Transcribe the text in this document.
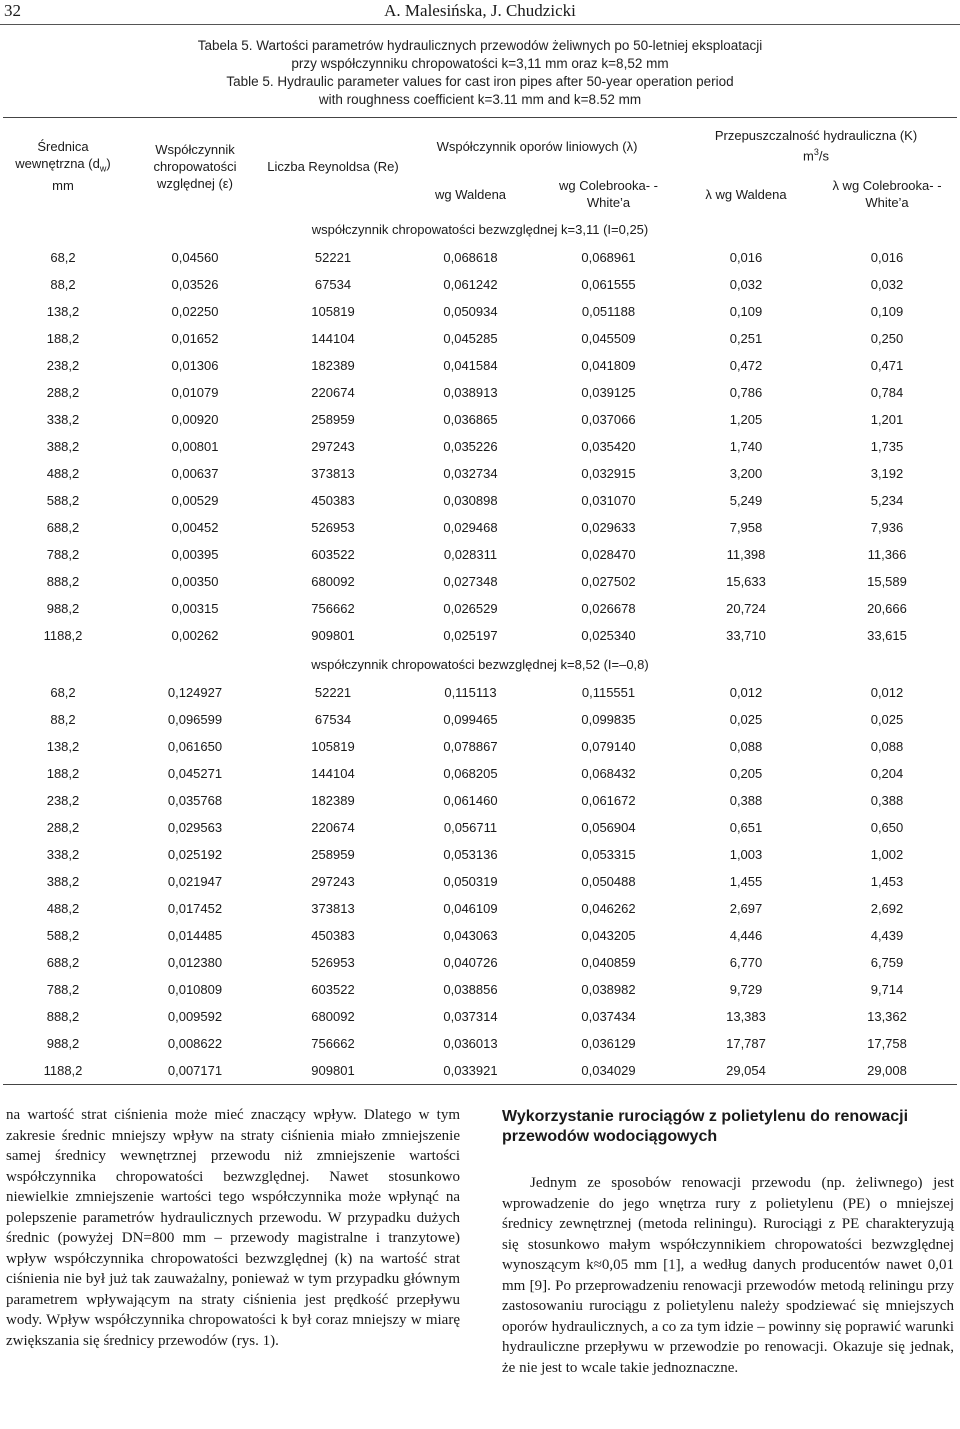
32	A. Malesińska, J. Chudzicki
Tabela 5. Wartości parametrów hydraulicznych przewodów żeliwnych po 50-letniej eksploatacji
przy współczynniku chropowatości k=3,11 mm oraz k=8,52 mm
Table 5. Hydraulic parameter values for cast iron pipes after 50-year operation period
with roughness coefficient k=3.11 mm and k=8.52 mm
Średnica wewnętrzna $(d_w)$ mm	Współczynnik chropowatości względnej (ε)	Liczba Reynoldsa (Re)	Współczynnik oporów liniowych (λ)		Przepuszczalność hydrauliczna (K)
$m^3/s$	
			wg Waldena	wg Colebrooka- -White’a	λ wg Waldena	λ wg Colebrooka- -White’a
współczynnik chropowatości bezwzględnej k=3,11 (I=0,25)						
68,2	0,04560	52221	0,068618	0,068961	0,016	0,016
88,2	0,03526	67534	0,061242	0,061555	0,032	0,032
138,2	0,02250	105819	0,050934	0,051188	0,109	0,109
188,2	0,01652	144104	0,045285	0,045509	0,251	0,250
238,2	0,01306	182389	0,041584	0,041809	0,472	0,471
288,2	0,01079	220674	0,038913	0,039125	0,786	0,784
338,2	0,00920	258959	0,036865	0,037066	1,205	1,201
388,2	0,00801	297243	0,035226	0,035420	1,740	1,735
488,2	0,00637	373813	0,032734	0,032915	3,200	3,192
588,2	0,00529	450383	0,030898	0,031070	5,249	5,234
688,2	0,00452	526953	0,029468	0,029633	7,958	7,936
788,2	0,00395	603522	0,028311	0,028470	11,398	11,366
888,2	0,00350	680092	0,027348	0,027502	15,633	15,589
988,2	0,00315	756662	0,026529	0,026678	20,724	20,666
1188,2	0,00262	909801	0,025197	0,025340	33,710	33,615
współczynnik chropowatości bezwzględnej k=8,52 (I=–0,8)						
68,2	0,124927	52221	0,115113	0,115551	0,012	0,012
88,2	0,096599	67534	0,099465	0,099835	0,025	0,025
138,2	0,061650	105819	0,078867	0,079140	0,088	0,088
188,2	0,045271	144104	0,068205	0,068432	0,205	0,204
238,2	0,035768	182389	0,061460	0,061672	0,388	0,388
288,2	0,029563	220674	0,056711	0,056904	0,651	0,650
338,2	0,025192	258959	0,053136	0,053315	1,003	1,002
388,2	0,021947	297243	0,050319	0,050488	1,455	1,453
488,2	0,017452	373813	0,046109	0,046262	2,697	2,692
588,2	0,014485	450383	0,043063	0,043205	4,446	4,439
688,2	0,012380	526953	0,040726	0,040859	6,770	6,759
788,2	0,010809	603522	0,038856	0,038982	9,729	9,714
888,2	0,009592	680092	0,037314	0,037434	13,383	13,362
988,2	0,008622	756662	0,036013	0,036129	17,787	17,758
1188,2	0,007171	909801	0,033921	0,034029	29,054	29,008

na wartość strat ciśnienia może mieć znaczący wpływ. Dlatego w tym zakresie średnic mniejszy wpływ na straty ciśnienia miało zmniejszenie samej średnicy wewnętrznej przewodu niż zmniejszenie wartości współczynnika chropowatości bezwzględnej. Nawet stosunkowo niewielkie zmniejszenie wartości tego współczynnika może wpłynąć na polepszenie parametrów hydraulicznych przewodu. W przypadku dużych średnic (powyżej DN=800 mm – przewody magistralne i tranzytowe) wpływ współczynnika chropowatości bezwzględnej (k) na wartość strat ciśnienia nie był już tak zauważalny, ponieważ w tym przypadku głównym parametrem wpływającym na straty ciśnienia jest prędkość przepływu wody. Wpływ współczynnika chropowatości k był coraz mniejszy w miarę zwiększania się średnicy przewodów (rys. 1).

Wykorzystanie rurociągów z polietylenu do renowacji przewodów wodociągowych

Jednym ze sposobów renowacji przewodu (np. żeliwnego) jest wprowadzenie do jego wnętrza rury z polietylenu (PE) o mniejszej średnicy zewnętrznej (metoda reliningu). Rurociągi z PE charakteryzują się stosunkowo małym współczynnikiem chropowatości bezwzględnej wynoszącym k≈0,05 mm [1], a według danych producentów nawet 0,01 mm [9]. Po przeprowadzeniu renowacji przewodów metodą reliningu przy zastosowaniu rurociągu z polietylenu należy spodziewać się mniejszych oporów hydraulicznych, a co za tym idzie – powinny się poprawić warunki hydrauliczne przepływu w przewodzie po renowacji. Okazuje się jednak, że nie jest to wcale takie jednoznaczne.
